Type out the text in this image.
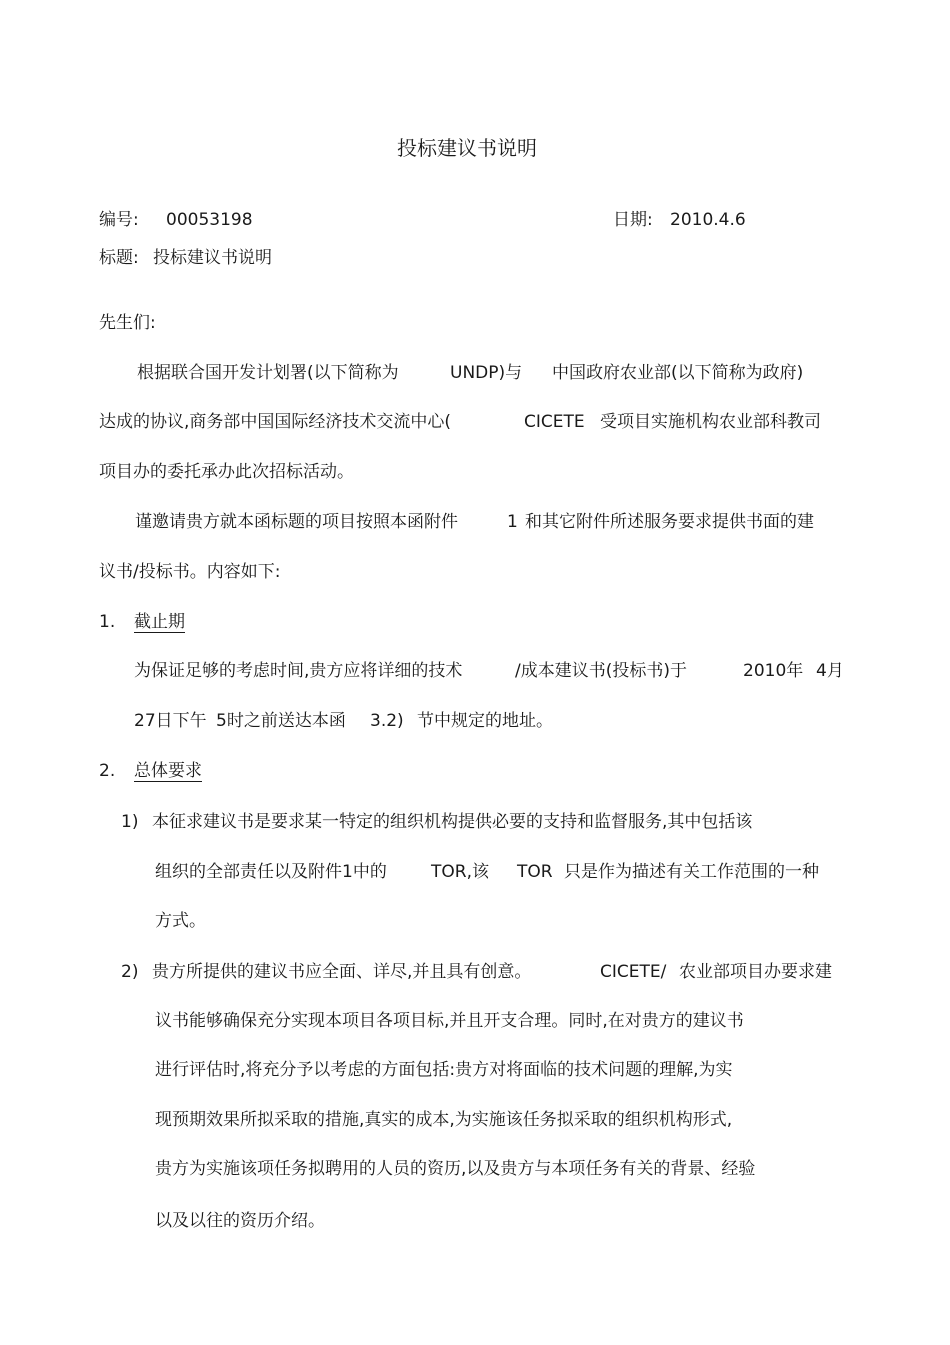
投标建议书说明
编号: 00053198	日期: 2010.4.6
标题: 投标建议书说明
先生们:
根据联合国开发计划署(以下简称为	UNDP)与 中国政府农业部(以下简称为政府)
达成的协议,商务部中国国际经济技术交流中心(	CICETE 受项目实施机构农业部科教司
项目办的委托承办此次招标活动。
谨邀请贵方就本函标题的项目按照本函附件	1 和其它附件所述服务要求提供书面的建
议书/投标书。内容如下:
1. 截止期
为保证足够的考虑时间,贵方应将详细的技术	/成本建议书(投标书)于	2010年 4月
27日下午 5时之前送达本函 3.2) 节中规定的地址。
2. 总体要求
1) 本征求建议书是要求某一特定的组织机构提供必要的支持和监督服务,其中包括该
组织的全部责任以及附件1中的	TOR,该 TOR 只是作为描述有关工作范围的一种
方式。
2) 贵方所提供的建议书应全面、详尽,并且具有创意。	CICETE/ 农业部项目办要求建
议书能够确保充分实现本项目各项目标,并且开支合理。同时,在对贵方的建议书
进行评估时,将充分予以考虑的方面包括:贵方对将面临的技术问题的理解,为实
现预期效果所拟采取的措施,真实的成本,为实施该任务拟采取的组织机构形式,
贵方为实施该项任务拟聘用的人员的资历,以及贵方与本项任务有关的背景、经验
以及以往的资历介绍。
